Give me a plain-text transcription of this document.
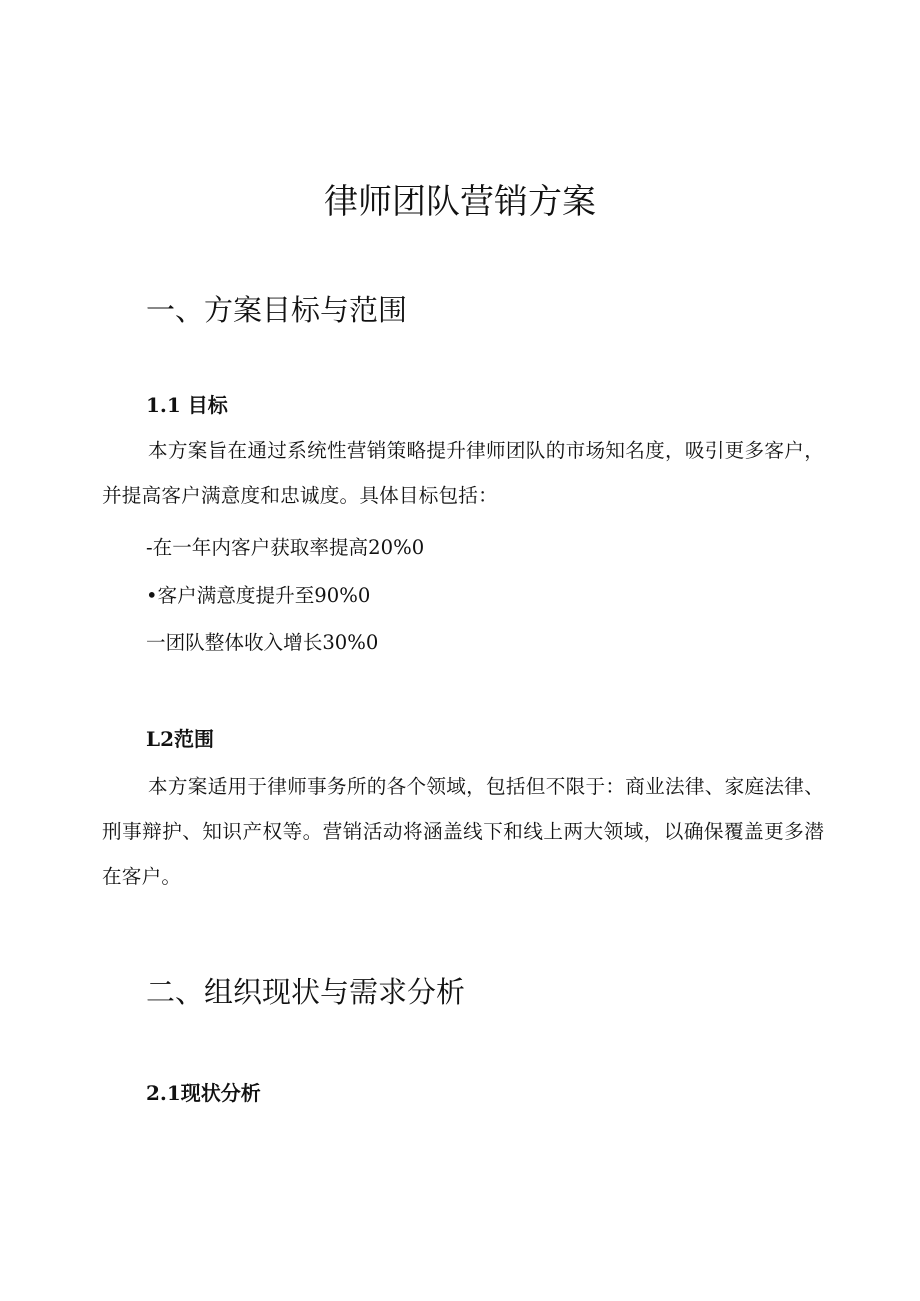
律师团队营销方案
一、方案目标与范围
1.1 目标

本方案旨在通过系统性营销策略提升律师团队的市场知名度，吸引更多客户，并提高客户满意度和忠诚度。具体目标包括：

-在一年内客户获取率提高20%0

•客户满意度提升至90%0

一团队整体收入增长30%0

L2范围

本方案适用于律师事务所的各个领域，包括但不限于：商业法律、家庭法律、刑事辩护、知识产权等。营销活动将涵盖线下和线上两大领域，以确保覆盖更多潜在客户。

二、组织现状与需求分析
2.1现状分析
